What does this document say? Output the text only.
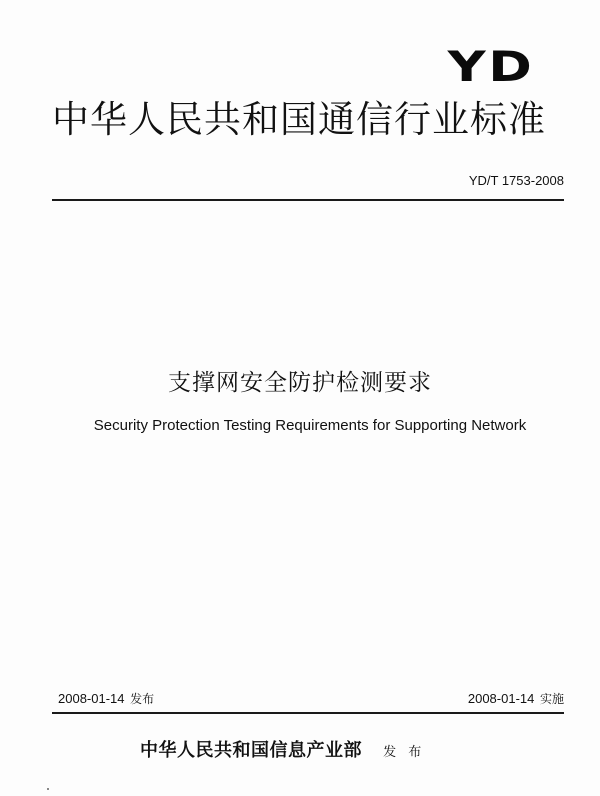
YD
中华人民共和国通信行业标准
YD/T 1753-2008
支撑网安全防护检测要求
Security Protection Testing Requirements for Supporting Network
2008-01-14 发布	2008-01-14 实施
中华人民共和国信息产业部 发 布
